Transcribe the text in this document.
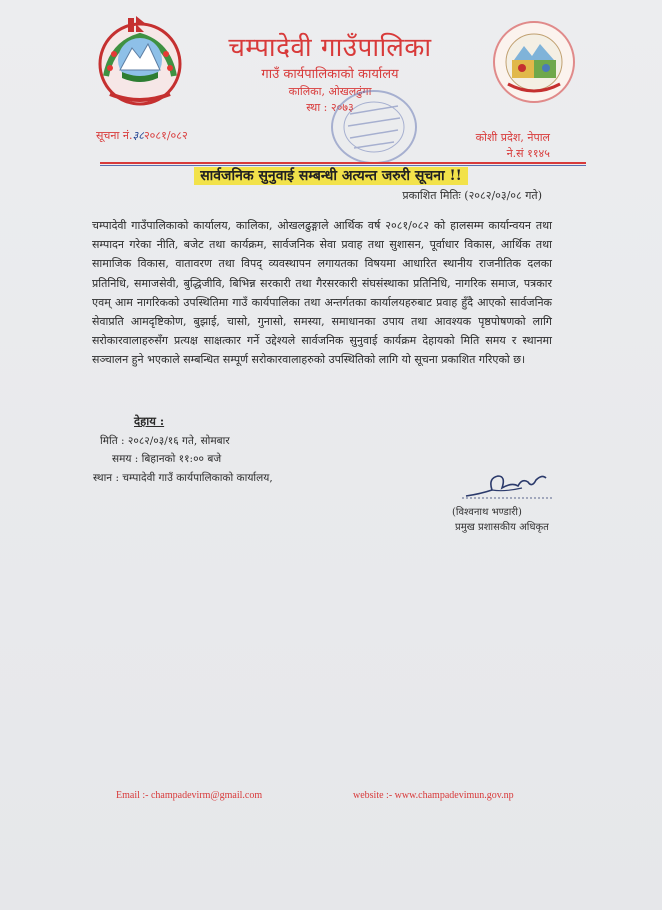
चम्पादेवी गाउँपालिका
गाउँ कार्यपालिकाको कार्यालय
कालिका, ओखलढुंगा
स्था : २०७३
सूचना नं.३८२०८१/०८२	कोशी प्रदेश, नेपाल
ने.सं ११४५
सार्वजनिक सुनुवाई सम्बन्धी अत्यन्त जरुरी सूचना !!
प्रकाशित मितिः (२०८२/०३/०८ गते)
चम्पादेवी गाउँपालिकाको कार्यालय, कालिका, ओखलढुङ्गाले आर्थिक वर्ष २०८१/०८२ को हालसम्म कार्यान्वयन तथा सम्पादन गरेका नीति, बजेट तथा कार्यक्रम, सार्वजनिक सेवा प्रवाह तथा सुशासन, पूर्वाधार विकास, आर्थिक तथा सामाजिक विकास, वातावरण तथा विपद् व्यवस्थापन लगायतका विषयमा आधारित स्थानीय राजनीतिक दलका प्रतिनिधि, समाजसेवी, बुद्धिजीवि, बिभिन्न सरकारी तथा गैरसरकारी संघसंस्थाका प्रतिनिधि, नागरिक समाज, पत्रकार एवम् आम नागरिकको उपस्थितिमा गाउँ कार्यपालिका तथा अन्तर्गतका कार्यालयहरुबाट प्रवाह हुँदै आएको सार्वजनिक सेवाप्रति आमदृष्टिकोण, बुझाई, चासो, गुनासो, समस्या, समाधानका उपाय तथा आवश्यक पृष्ठपोषणको लागि सरोकारवालाहरुसँग प्रत्यक्ष साक्षत्कार गर्ने उद्देश्यले सार्वजनिक सुनुवाई कार्यक्रम देहायको मिति समय र स्थानमा सञ्चालन हुने भएकाले सम्बन्धित सम्पूर्ण सरोकारवालाहरुको उपस्थितिको लागि यो सूचना प्रकाशित गरिएको छ।
देहाय :
मिति : २०८२/०३/१६ गते, सोमबार
समय : बिहानको ११:०० बजे
स्थान : चम्पादेवी गाउँ कार्यपालिकाको कार्यालय,
(विश्वनाथ भण्डारी)
प्रमुख प्रशासकीय अधिकृत
Email :- champadevirm@gmail.com	website :- www.champadevimun.gov.np
